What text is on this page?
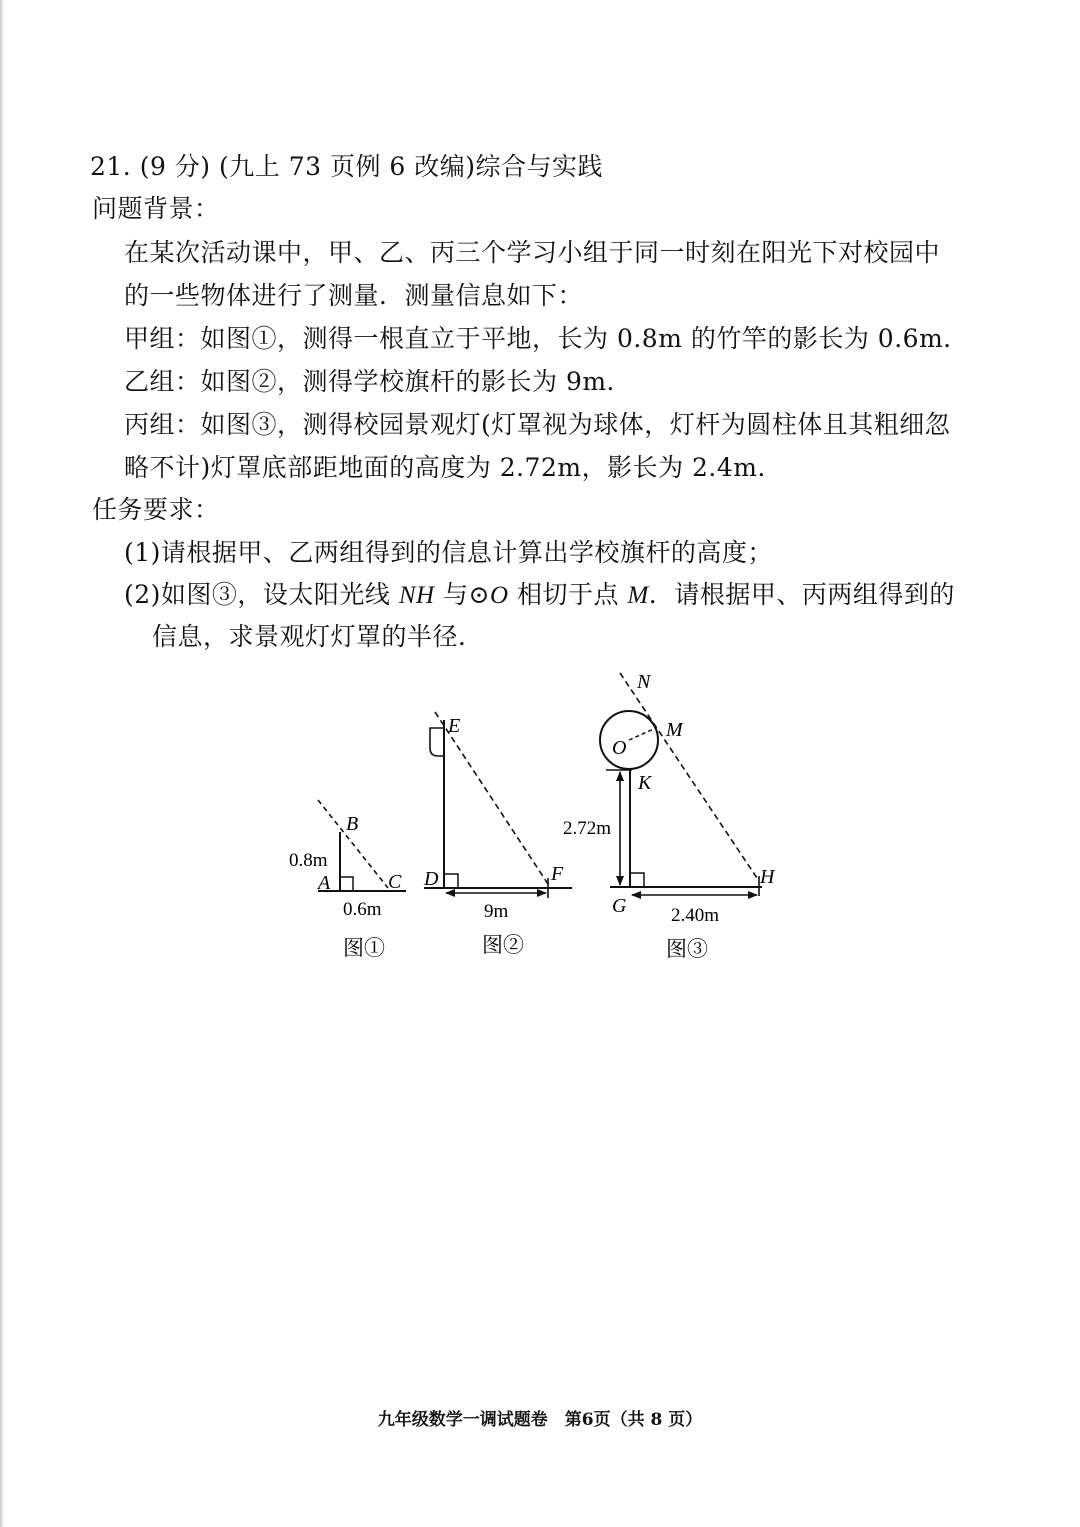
21. (9 分) (九上 73 页例 6 改编)综合与实践
问题背景：
在某次活动课中，甲、乙、丙三个学习小组于同一时刻在阳光下对校园中
的一些物体进行了测量．测量信息如下：
甲组：如图①，测得一根直立于平地，长为 0.8m 的竹竿的影长为 0.6m．
乙组：如图②，测得学校旗杆的影长为 9m．
丙组：如图③，测得校园景观灯(灯罩视为球体，灯杆为圆柱体且其粗细忽
略不计)灯罩底部距地面的高度为 2.72m，影长为 2.4m．
任务要求：
(1)请根据甲、乙两组得到的信息计算出学校旗杆的高度；
(2)如图③，设太阳光线 NH 与⊙O 相切于点 M．请根据甲、丙两组得到的
信息，求景观灯灯罩的半径．
B
A	C
0.8m
0.6m
图①
E
D	F
9m
图②
N
M
O
K
G
H
2.72m
2.40m
图③
九年级数学一调试题卷　第6页（共 8 页）
